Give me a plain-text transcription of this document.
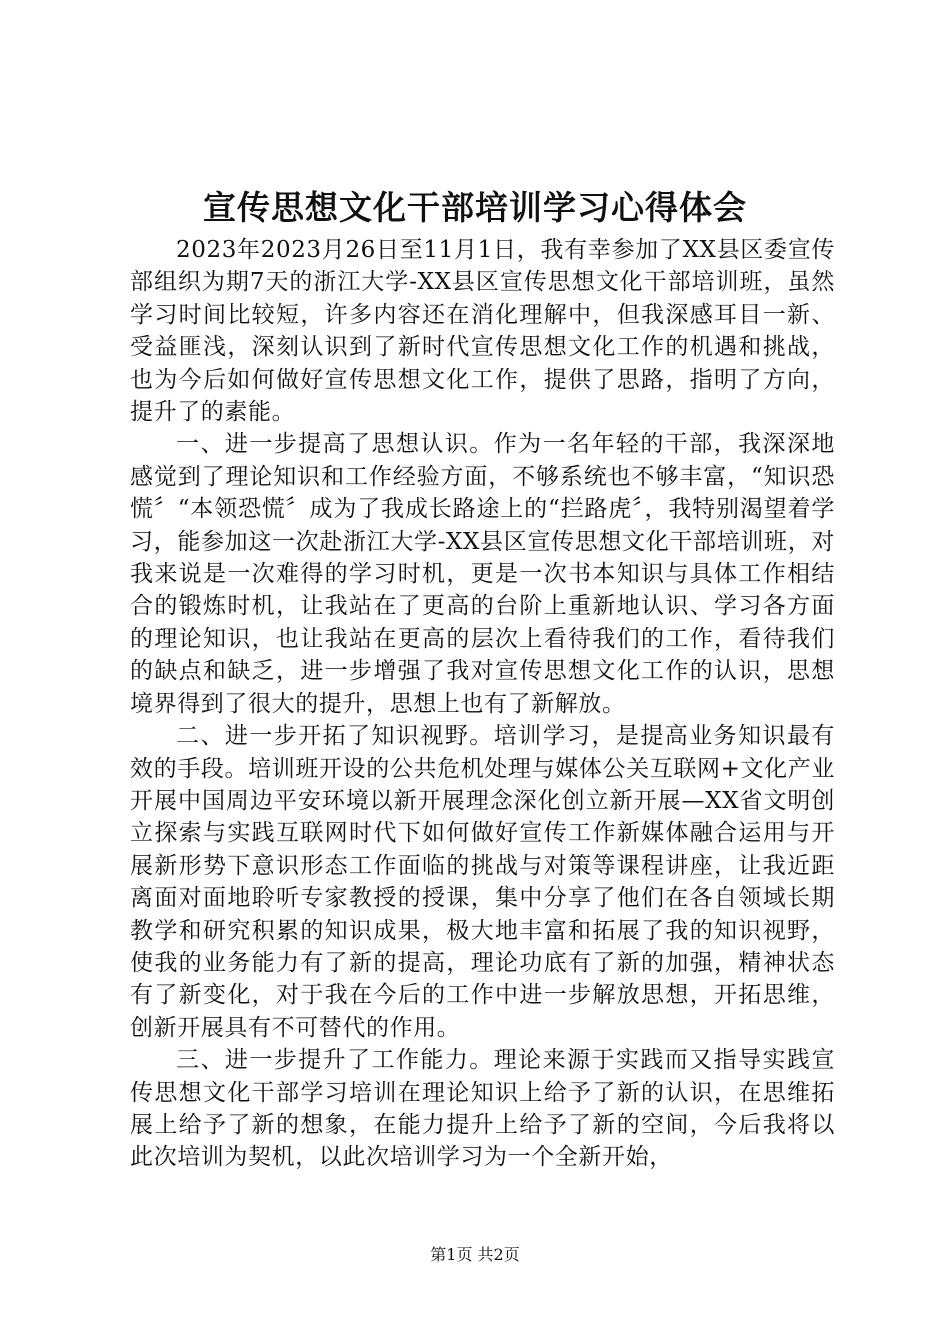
宣传思想文化干部培训学习心得体会

2023年2023月26日至11月1日，我有幸参加了XX县区委宣传部组织为期7天的浙江大学-XX县区宣传思想文化干部培训班，虽然学习时间比较短，许多内容还在消化理解中，但我深感耳目一新、受益匪浅，深刻认识到了新时代宣传思想文化工作的机遇和挑战，也为今后如何做好宣传思想文化工作，提供了思路，指明了方向，提升了的素能。

一、进一步提高了思想认识。作为一名年轻的干部，我深深地感觉到了理论知识和工作经验方面，不够系统也不够丰富，“知识恐慌〞“本领恐慌〞成为了我成长路途上的“拦路虎〞，我特别渴望着学习，能参加这一次赴浙江大学-XX县区宣传思想文化干部培训班，对我来说是一次难得的学习时机，更是一次书本知识与具体工作相结合的锻炼时机，让我站在了更高的台阶上重新地认识、学习各方面的理论知识，也让我站在更高的层次上看待我们的工作，看待我们的缺点和缺乏，进一步增强了我对宣传思想文化工作的认识，思想境界得到了很大的提升，思想上也有了新解放。

二、进一步开拓了知识视野。培训学习，是提高业务知识最有效的手段。培训班开设的公共危机处理与媒体公关互联网+文化产业开展中国周边平安环境以新开展理念深化创立新开展—XX省文明创立探索与实践互联网时代下如何做好宣传工作新媒体融合运用与开展新形势下意识形态工作面临的挑战与对策等课程讲座，让我近距离面对面地聆听专家教授的授课，集中分享了他们在各自领域长期教学和研究积累的知识成果，极大地丰富和拓展了我的知识视野，使我的业务能力有了新的提高，理论功底有了新的加强，精神状态有了新变化，对于我在今后的工作中进一步解放思想，开拓思维，创新开展具有不可替代的作用。

三、进一步提升了工作能力。理论来源于实践而又指导实践宣传思想文化干部学习培训在理论知识上给予了新的认识，在思维拓展上给予了新的想象，在能力提升上给予了新的空间，今后我将以此次培训为契机，以此次培训学习为一个全新开始，

第1页 共2页
